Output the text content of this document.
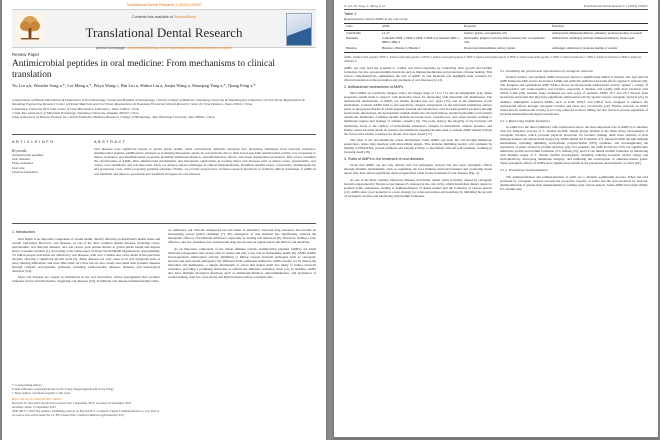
Translational Dental Research 1 (2025) 100027
Contents lists available at ScienceDirect
Translational Dental Research
journal homepage: www.keaipublishing.com/en/journals/translational-dental-research/
Review Paper
Antimicrobial peptides in oral medicine: From mechanisms to clinical translation
Xu Liu a,b, Wenzhu Song a,*, Lei Meng a,*, Peiyu Wang c, Bin Liu a, Shihui Liu a, Junjia Wang a, Shaoqing Yang a,*, Qiang Feng a,*
a Department of Human Microbiome & Department of Periodontology, School and Hospital of Stomatology, Cheeloo College of Medicine, Shandong University & Shandong Key Laboratory of Oral Tissue Regeneration & Shandong Engineering Research Center of Dental Materials and Oral Tissue Regeneration & Shandong Provincial Clinical Research Center for Oral Diseases, Jinan 250012, China
b Shandong University-BGI Joint Center of Oral Microbiome, Laboratory, Jinan 250012, China
c State Key Laboratory of Microbial Technology, Shandong University, Qingdao 266237, China
d Key Laboratory of Disease Proteins for Clinical Predictive Medicine Research, College of Hematology, Tian Wenzhong University, Tian 300041, China
A R T I C L E I N F O
Keywords:
Antimicrobial peptides
Oral diseases
Drug resistance
Oral care
Clinical translation
A B S T R A C T

Oral diseases pose significant threats to global public health, while conventional antibiotic therapies face increasing challenges from bacterial resistance. Antimicrobial peptides (AMPs) have emerged as promising therapeutic agents in oral medicine due to their broad-spectrum antimicrobial activity, low propensity to induce resistance, and multifunctional properties including immunomodulation, anti-inflammatory effects, and tissue regeneration promotion. This review examines the classification of AMPs, their antimicrobial mechanisms, and therapeutic applications in treating major oral diseases such as dental caries, periodontitis, oral cancer, oral candidiasis, and oral mucositis. Then, we analyze current challenges in clinical implementation, including stability issues, cytotoxicity, immunogenicity, and production costs, while proposing potential solutions. Finally, we provide perspectives on future research directions to facilitate clinical translation of AMPs in oral medicine and improve prevention and treatment strategies for oral diseases.

1. Introduction

Oral health is an important component of overall health, directly affecting an individual's health status and overall well-being. However, oral diseases, as one of the most common human diseases, including caries, periodontitis, oral mucosal diseases, and oral cancer, pose serious threats to global public health and impose heavy economic burdens [1]. According to the latest report from the World Health Organization, approximately 3.5 billion people worldwide are affected by oral diseases, with over 1 billion new cases added in the past three decades, showing a significant growth trend [2]. These diseases not only cause local oral symptoms such as pain, chewing difficulties, and even affect their very lives but are also closely associated with systemic diseases through complex oral-systemic pathways, including cardiovascular diseases, diabetes, and neurological disorders [3,4].

Most oral diseases are caused by imbalances in the oral microbiota, whose dysregulated flora produce virulence factors and metabolites, triggering oral diseases [5,6]. Traditional oral disease treatment mainly relies

on antibiotics, but with the widespread use and abuse of antibiotics, bacterial drug resistance has become an increasingly severe global challenge [7]. The emergence of this situation has significantly reduced the therapeutic efficacy of traditional antibiotics, especially in treating oral infections [8]. Therefore, finding a safe, effective, and low-resistance new antibacterial drug has become an urgent task in the field of oral medicine.

As an important component of the innate immune system, antimicrobial peptides (AMPs) are small molecule polypeptides that widely exist in nature and play a key role in maintaining health [9]. AMPs exhibit broad-spectrum antibacterial activity, inhibiting or killing various bacterial pathogens such as cariogenic bacteria and periodontal pathogens [10]. Different from traditional antibiotics, AMPs usually act by destroying microbial cell membranes, a unique mechanism of action that makes them less likely to induce bacterial resistance, providing a promising alternative to address the antibiotic resistance crisis [11]. In addition, AMPs also have multiple biological functions such as immunomodulation, anti-inflammation, and promotion of wound healing, with low cytotoxicity and high biological safety to human cells.

* Corresponding authors.
E-mail addresses: songwz@sdu.edu.cn (W. Song), fengqiang@sdu.edu.cn (Q. Feng).
1 These authors contributed equally to this work.
https://doi.org/10.1016/j.tdr.2025.100027
Received 25 June 2025; Received in revised form 1 September 2025; Accepted 10 September 2025
Available online 15 September 2025
2950-3817/© 2025 The Authors. Publishing services by Elsevier B.V. on behalf of KeAi Communications Co. Ltd. This is an open access article under the CC BY license (http://creativecommons.org/licenses/by/4.0/).
X. Liu, W. Song, L. Meng et al.	Translational Dental Research 1 (2025) 100027
Table 1
Representative natural AMPs in the oral cavity.
Class	AMPs	Properties	Functions
Cathelicidin	LL-37	Salivary glands, oral epithelial cells	Antibacterial; immunomodulation; antitumor; promotes healing of wounds
Defensins	α-defensin: HNP-1, HNP-2, HNP-3, HNP-4; β-defensin: hBD-1, hBD-2, hBD-3	Neutrophils; gingival crevicular fluid; keratinocytes; oral epithelial cells	Antibacterial; antifungal; antiviral; immunomodulation; tissue repair
Histatins	Histatin 1, Histatin 3, Histatin 5	Parotid and submandibular salivary glands	Antifungal; antibacterial; promotes healing of wounds
AMPs, antimicrobial peptides; HNP-1, human neutrophil peptide-1; HNP-2, human neutrophil peptide-2; HNP-3, human neutrophil peptide-3; HNP-4, human neutrophil peptide-4; hBD-1, human β-defensin-1; hBD-2, human β-defensin-2; hBD-3, human β-defensin-3.

AMPs not only hold the potential to combat oral microorganisms by controlling their growth and biofilm formation, but also possess multiple functions such as immunomodulation and promotion of tissue healing. This review comprehensively summarizes the role of AMPs in oral medicine and highlights their potential for clinical translation in the prevention and treatment of oral diseases [12,13].

2. Antibacterial mechanisms of AMPs

Most AMPs are positively charged, with a net charge range of +2 to +11 and are amphiphilic [14]. These properties enable them to interact with molecular bases for interacting with microbial cell membranes. The antibacterial mechanisms of AMPs are mainly divided into two types [15]: one is the membrane action mechanism. Cationic AMPs bind to the negatively charged components on the microbial membrane surface (such as lipopolysaccharide in Gram-negative bacteria and lipoteichoic acid in Gram-positive bacteria) through electrostatic interactions, the hydrophobic domain inserts into the lipid bilayer, and the hydrophilic part remains outside the membrane. Common models include the barrel-stave, toroidal-pore, and carpet models, leading to membrane rupture and leakage of cellular contents [16]. The pores destroy the integrity of the bacterial cell membrane, leads to the outflow of intracellular substances, changes in intracellular osmotic pressure, and finally causes bacterial death. At present, the membrane targeting models used to explain AMPs mainly include the barrel-stave model, toroidal pore model, and carpet model [17].

The other is the non-membrane action mechanism. Some AMPs can enter the cell through membrane penetration, where they interfere with intracellular targets. This includes inhibiting nucleic acid synthesis by binding to DNA/RNA, protein synthesis and enzyme activity, or interfering with cell wall synthesis, resulting in bacterial death [18].

3. Roles of AMPs in the treatment of oral diseases

Given that AMPs can not only directly kill oral pathogenic bacteria but also exert synergistic effects through multiple mechanisms, such as regulating the host immune microenvironment and promoting tissue repair, they have shown significant clinical application value for the treatment of oral diseases (Fig. 2).

As one of the most common infectious diseases worldwide, dental caries is mainly caused by cariogenic bacteria represented by Streptococcus mutans (S. mutans) in the oral cavity, which metabolize dietary sugars to produce acidic substances, leading to demineralization of dental enamel and the formation of carious lesions [12]. AMPs show good potential as a new strategy for caries prevention and treatment by inhibiting the growth of cariogenic bacteria and interfering with biofilm formation.

3.1. Inhibiting the growth and reproduction of cariogenic bacteria

Natural, natural, and synthetic AMPs have been shown to significantly inhibit S. mutans. The tryp-derived AMP Temporin-GHa and its derivatives GHaR and GHa11R exhibit bactericidal effects against S. mutans [19]. The designed and synthesized AMP ZXR-2 shows broad-spectrum antibacterial activity against a variety of Gram-positive and Gram-negative oral bacteria, especially S. mutans, and rapidly kills most bacterial cells within 5 min [20]. Another study evaluated two new types of synthetic AMPs 1F-1 and 1F-2 derived from lactoferrin and found that they have significant antibacterial activity against various cariogenic bacteria [21]. In addition, amphiphilic α-helical AMPs, such as G1R, GH12, and GH16, were designed to enhance the antibacterial effects through cariogenic bacteria and show low cytotoxicity [22]. Further research on GH12 found that its antibacterial activity is not only reflected in direct killing but also involves precise regulation of bacterial metabolism and signal transduction.

3.1.1. Repressing biofilm formation

In addition to the direct inhibitory effect mentioned above, the more important role of AMPs is to interfere with the formation process of S. mutans biofilm. Dental plaque biofilm is the main living environment of cariogenic bacteria, which provides physical protection for bacteria, making them more resistant to host immune defense and antibacterial drugs [23]. AMPs inhibit the formation of S. mutans biofilm through multiple mechanisms, including inhibiting extracellular polysaccharide (EPS) synthesis, and downregulating the expression of genes related to biofilm structure [24]. For example, the AMP D-Nal-Pro-Y25 can significantly inhibit the growth and biofilm formation of S. mutans [25], and C2 can inhibit biofilm formation by interfering with multiple stages of S. mutans biofilm development, including reducing bacterial surface charge and hydrophobicity, destroying membrane integrity, and inhibiting the transcription of adhesion-related genes. These synergistic effects of AMPs show significant potential in the prevention and treatment of caries [26].

3.1.2. Promoting remineralization

The demineralization and remineralization of teeth are a dynamic equilibrium process. When the acid produced by cariogenic bacteria exceeds the protective capacity of saliva and the acid produced by bacteria, demineralization is greater than remineralization, forming early carious lesions. Some AMPs have high affinity for calcium ions,
